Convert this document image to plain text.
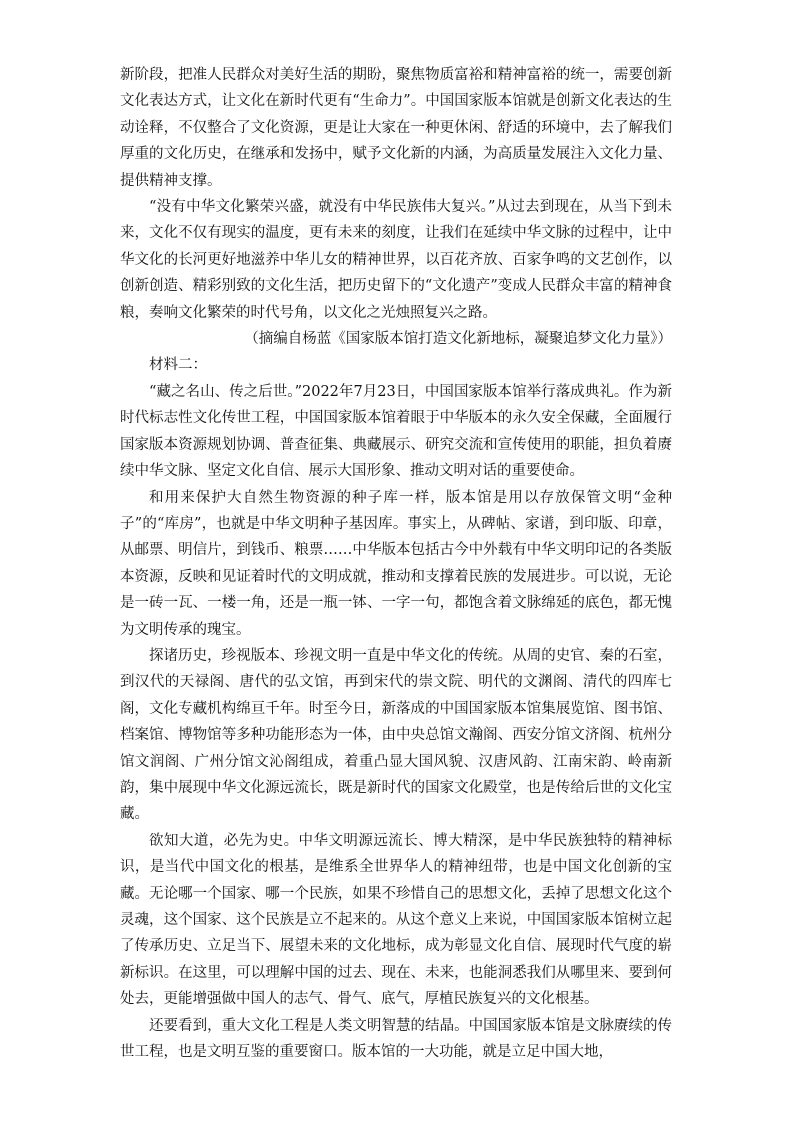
新阶段，把准人民群众对美好生活的期盼，聚焦物质富裕和精神富裕的统一，需要创新文化表达方式，让文化在新时代更有“生命力”。中国国家版本馆就是创新文化表达的生动诠释，不仅整合了文化资源，更是让大家在一种更休闲、舒适的环境中，去了解我们厚重的文化历史，在继承和发扬中，赋予文化新的内涵，为高质量发展注入文化力量、提供精神支撑。

“没有中华文化繁荣兴盛，就没有中华民族伟大复兴。”从过去到现在，从当下到未来，文化不仅有现实的温度，更有未来的刻度，让我们在延续中华文脉的过程中，让中华文化的长河更好地滋养中华儿女的精神世界，以百花齐放、百家争鸣的文艺创作，以创新创造、精彩别致的文化生活，把历史留下的“文化遗产”变成人民群众丰富的精神食粮，奏响文化繁荣的时代号角，以文化之光烛照复兴之路。

（摘编自杨蓝《国家版本馆打造文化新地标，凝聚追梦文化力量》）

材料二：

“藏之名山、传之后世。”2022年7月23日，中国国家版本馆举行落成典礼。作为新时代标志性文化传世工程，中国国家版本馆着眼于中华版本的永久安全保藏，全面履行国家版本资源规划协调、普查征集、典藏展示、研究交流和宣传使用的职能，担负着赓续中华文脉、坚定文化自信、展示大国形象、推动文明对话的重要使命。

和用来保护大自然生物资源的种子库一样，版本馆是用以存放保管文明“金种子”的“库房”，也就是中华文明种子基因库。事实上，从碑帖、家谱，到印版、印章，从邮票、明信片，到钱币、粮票……中华版本包括古今中外载有中华文明印记的各类版本资源，反映和见证着时代的文明成就，推动和支撑着民族的发展进步。可以说，无论是一砖一瓦、一楼一角，还是一瓶一钵、一字一句，都饱含着文脉绵延的底色，都无愧为文明传承的瑰宝。

探诸历史，珍视版本、珍视文明一直是中华文化的传统。从周的史官、秦的石室，到汉代的天禄阁、唐代的弘文馆，再到宋代的崇文院、明代的文渊阁、清代的四库七阁，文化专藏机构绵亘千年。时至今日，新落成的中国国家版本馆集展览馆、图书馆、档案馆、博物馆等多种功能形态为一体，由中央总馆文瀚阁、西安分馆文济阁、杭州分馆文润阁、广州分馆文沁阁组成，着重凸显大国风貌、汉唐风韵、江南宋韵、岭南新韵，集中展现中华文化源远流长，既是新时代的国家文化殿堂，也是传给后世的文化宝藏。

欲知大道，必先为史。中华文明源远流长、博大精深，是中华民族独特的精神标识，是当代中国文化的根基，是维系全世界华人的精神纽带，也是中国文化创新的宝藏。无论哪一个国家、哪一个民族，如果不珍惜自己的思想文化，丢掉了思想文化这个灵魂，这个国家、这个民族是立不起来的。从这个意义上来说，中国国家版本馆树立起了传承历史、立足当下、展望未来的文化地标，成为彰显文化自信、展现时代气度的崭新标识。在这里，可以理解中国的过去、现在、未来，也能洞悉我们从哪里来、要到何处去，更能增强做中国人的志气、骨气、底气，厚植民族复兴的文化根基。

还要看到，重大文化工程是人类文明智慧的结晶。中国国家版本馆是文脉赓续的传世工程，也是文明互鉴的重要窗口。版本馆的一大功能，就是立足中国大地，
